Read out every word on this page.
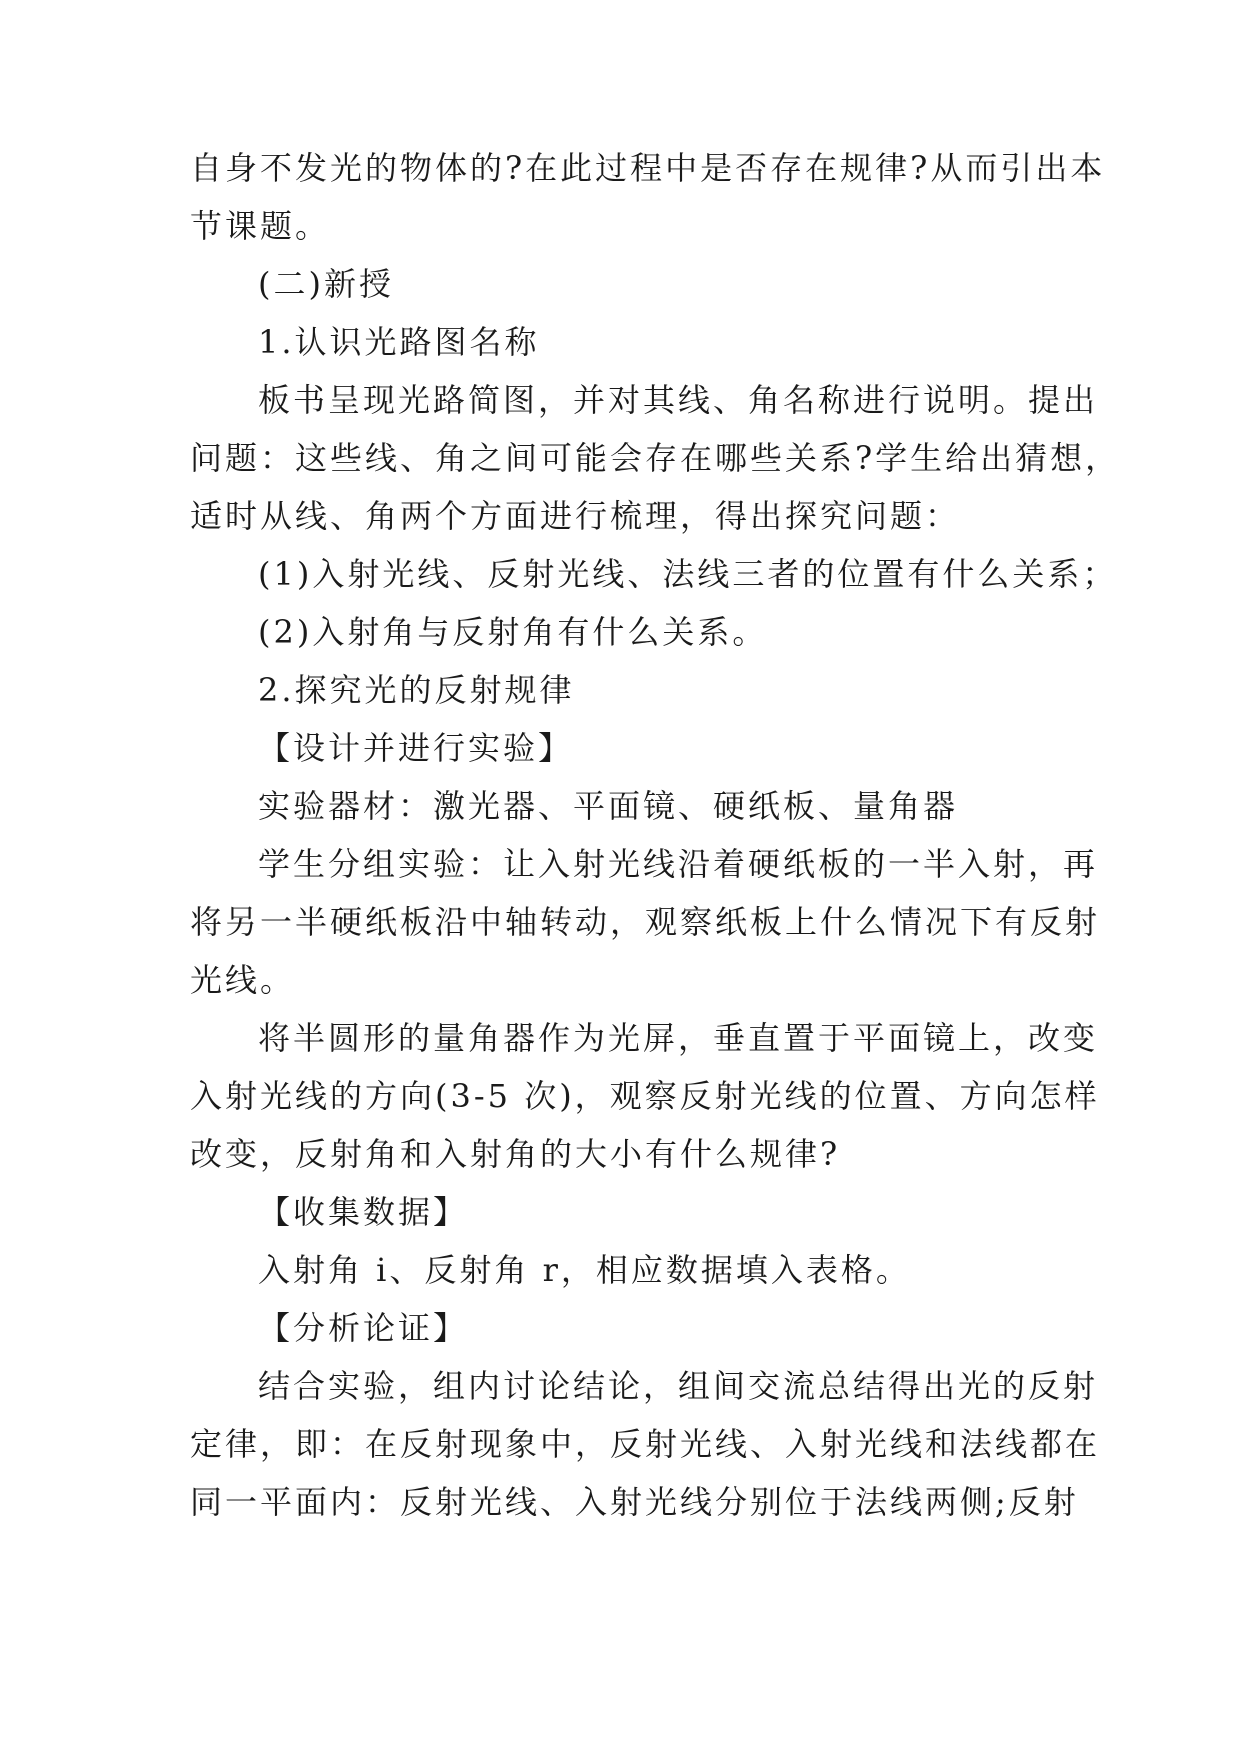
自身不发光的物体的?在此过程中是否存在规律?从而引出本
节课题。
(二)新授
1.认识光路图名称
板书呈现光路简图，并对其线、角名称进行说明。提出
问题：这些线、角之间可能会存在哪些关系?学生给出猜想，
适时从线、角两个方面进行梳理，得出探究问题：
(1)入射光线、反射光线、法线三者的位置有什么关系；
(2)入射角与反射角有什么关系。
2.探究光的反射规律
【设计并进行实验】
实验器材：激光器、平面镜、硬纸板、量角器
学生分组实验：让入射光线沿着硬纸板的一半入射，再
将另一半硬纸板沿中轴转动，观察纸板上什么情况下有反射
光线。
将半圆形的量角器作为光屏，垂直置于平面镜上，改变
入射光线的方向(3-5 次)，观察反射光线的位置、方向怎样
改变，反射角和入射角的大小有什么规律?
【收集数据】
入射角 i、反射角 r，相应数据填入表格。
【分析论证】
结合实验，组内讨论结论，组间交流总结得出光的反射
定律，即：在反射现象中，反射光线、入射光线和法线都在
同一平面内：反射光线、入射光线分别位于法线两侧;反射
